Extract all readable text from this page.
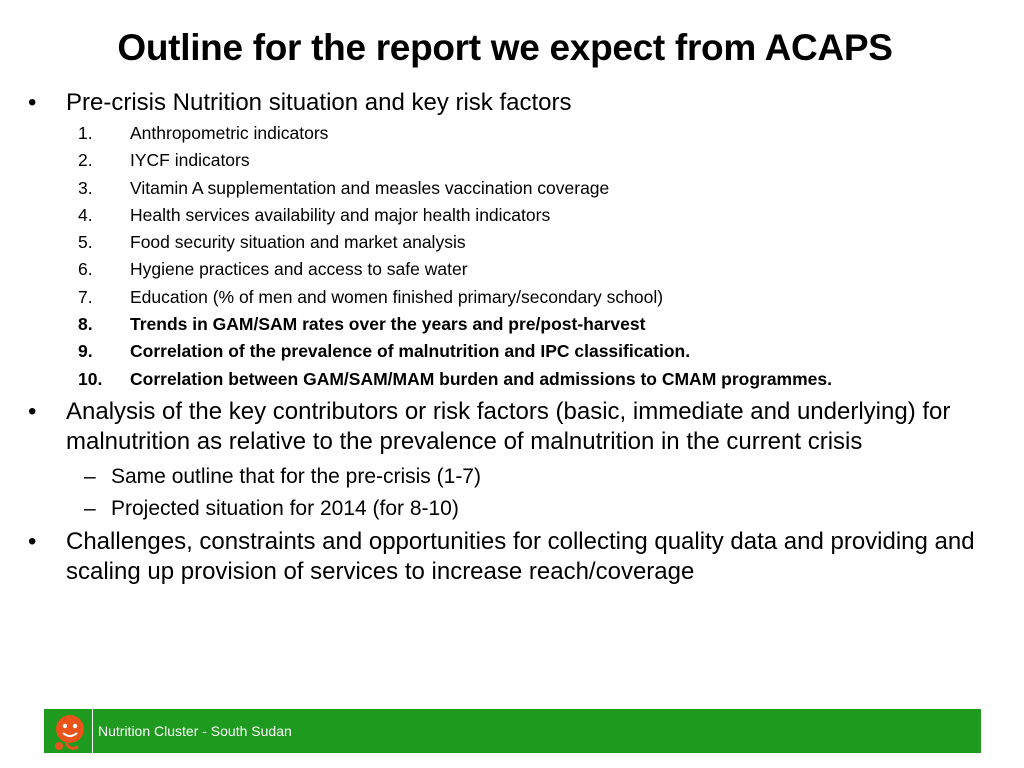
Outline for the report we expect from ACAPS
•	Pre-crisis Nutrition situation and key risk factors
1. Anthropometric indicators
2. IYCF indicators
3. Vitamin A supplementation and measles vaccination coverage
4. Health services availability and major health indicators
5. Food security situation and market analysis
6. Hygiene practices and access to safe water
7. Education (% of men and women finished primary/secondary school)
8. Trends in GAM/SAM rates over the years and pre/post-harvest
9. Correlation of the prevalence of malnutrition and IPC classification.
10. Correlation between GAM/SAM/MAM burden and admissions to CMAM programmes.
•	Analysis of the key contributors or risk factors (basic, immediate and underlying) for malnutrition as relative to the prevalence of malnutrition in the current crisis
– Same outline that for the pre-crisis (1-7)
– Projected situation for 2014 (for 8-10)
•	Challenges, constraints and opportunities for collecting quality data and providing and scaling up provision of services to increase reach/coverage
Nutrition Cluster - South Sudan
